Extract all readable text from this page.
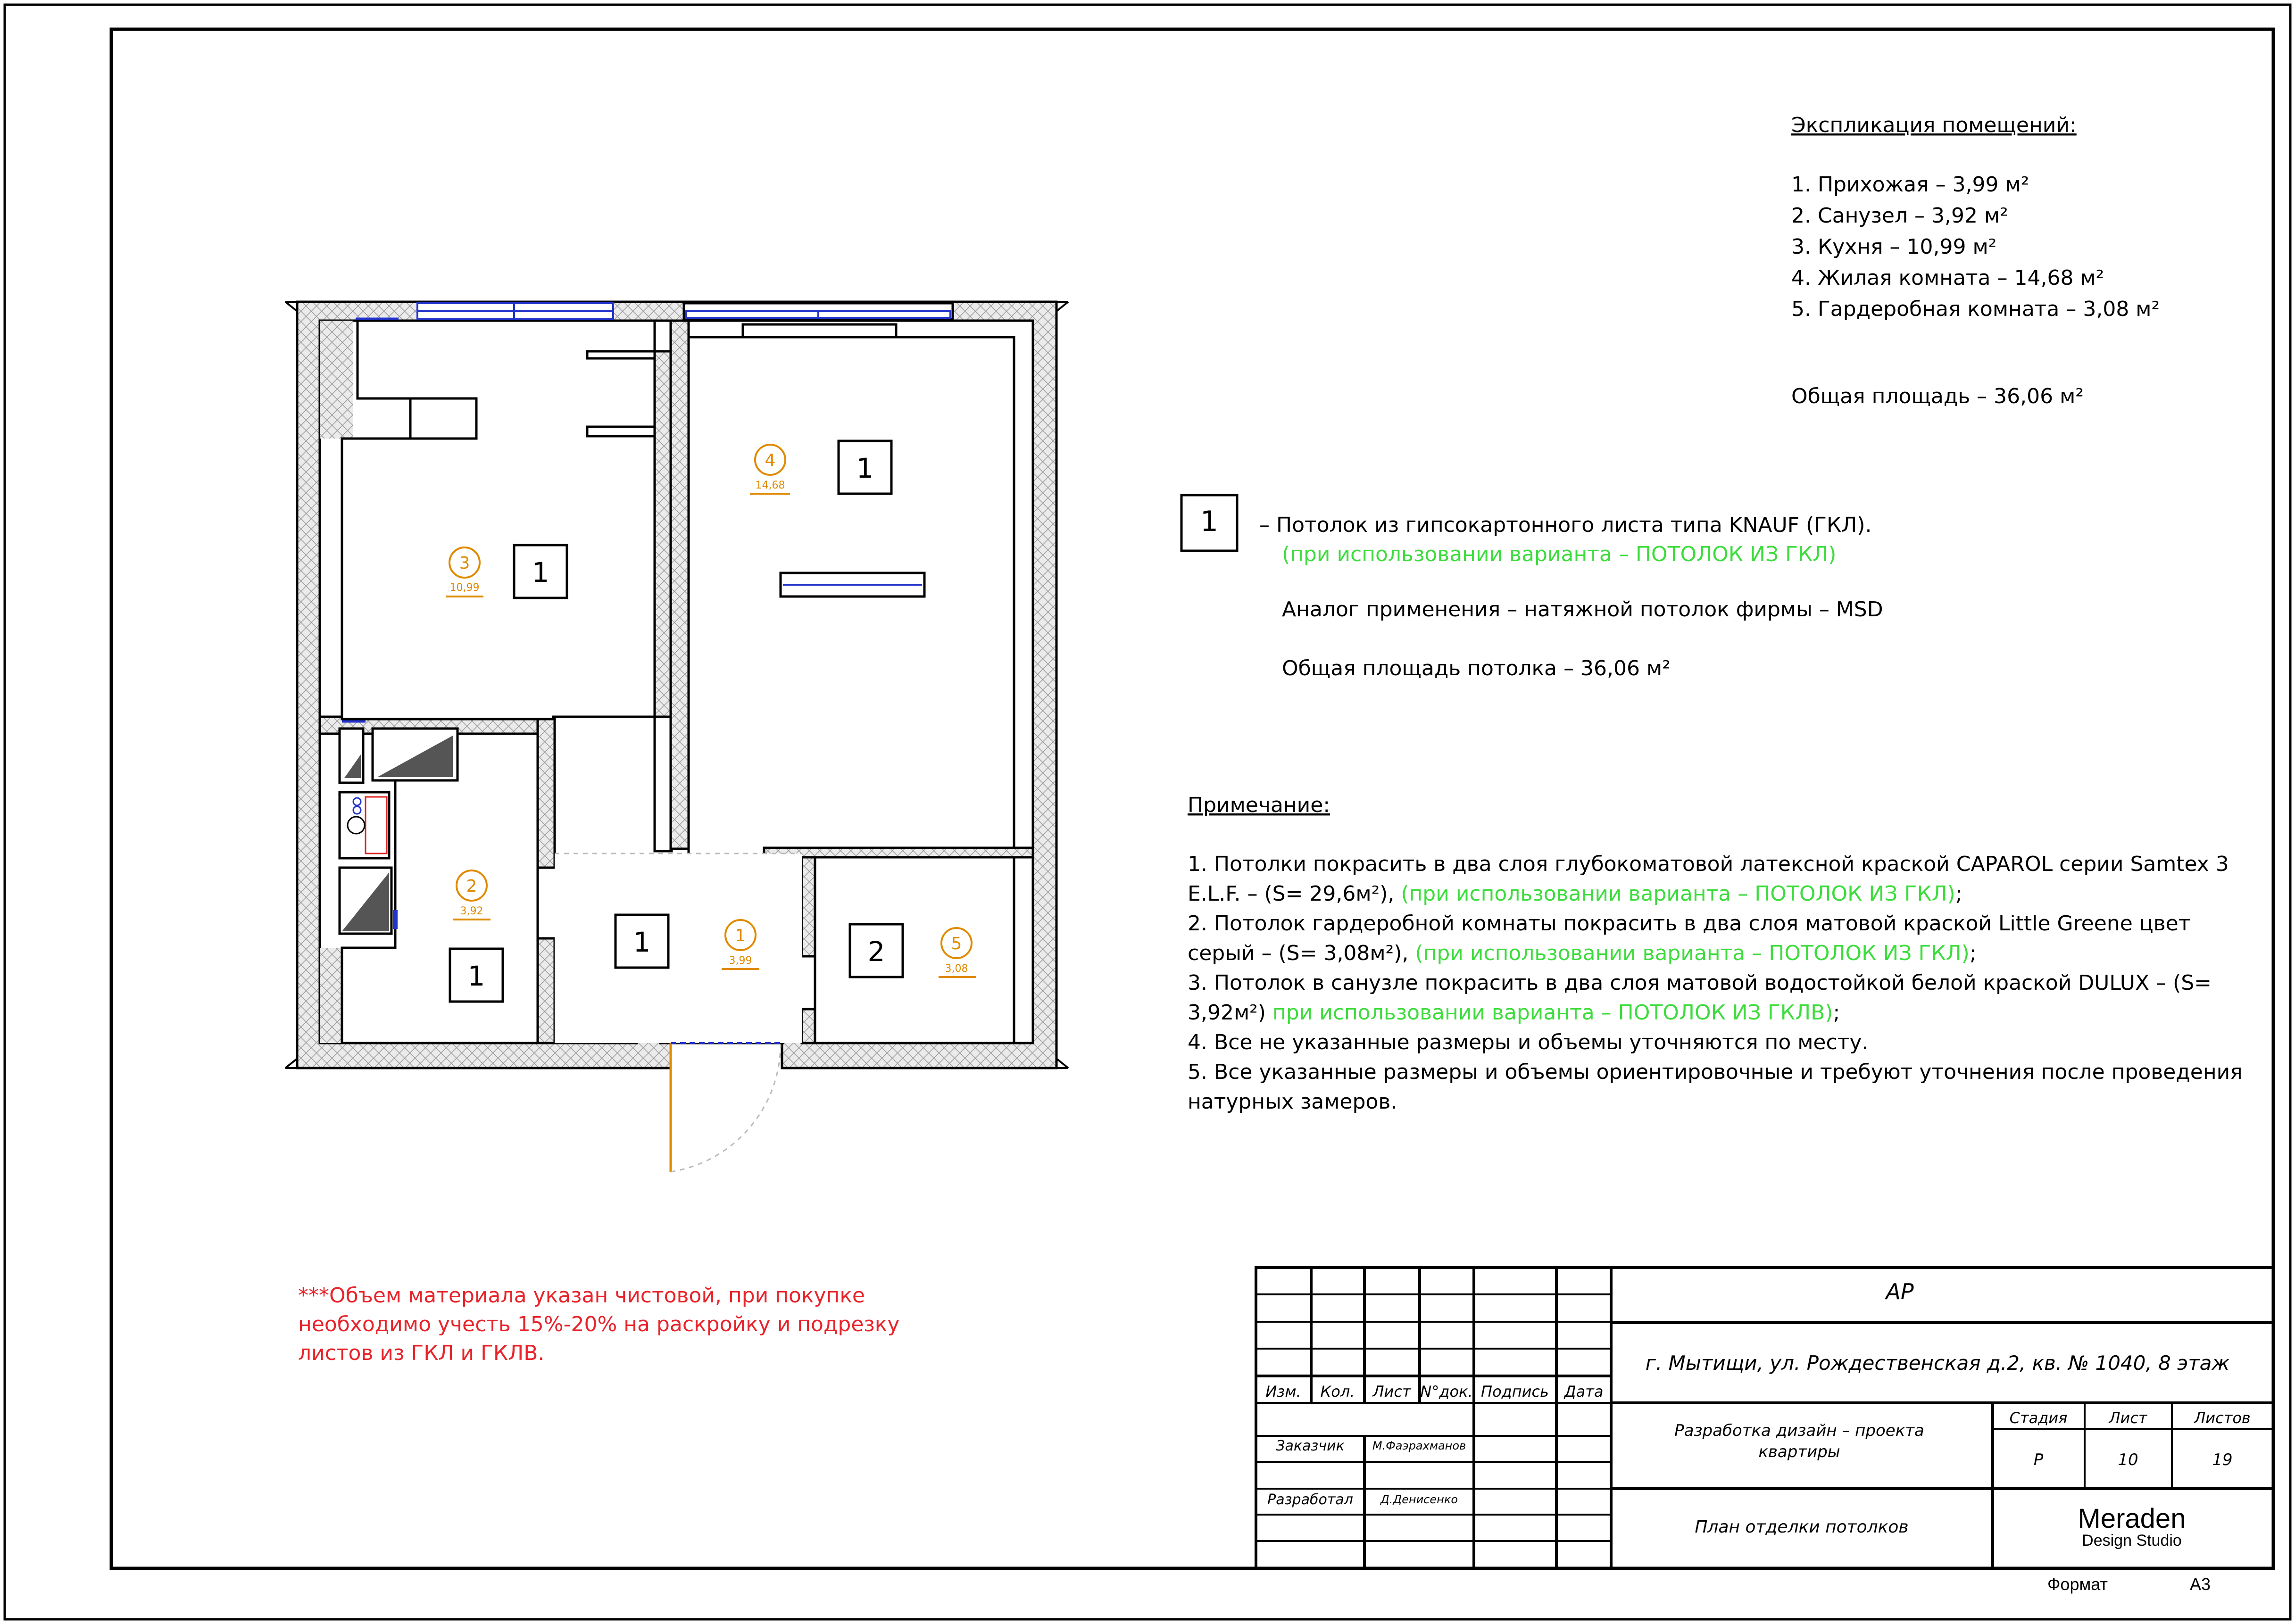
Экспликация помещений:
1. Прихожая – 3,99 м²
2. Санузел – 3,92 м²
3. Кухня – 10,99 м²
4. Жилая комната – 14,68 м²
5. Гардеробная комната – 3,08 м²
Общая площадь – 36,06 м²
1 – Потолок из гипсокартонного листа типа KNAUF (ГКЛ).
(при использовании варианта – ПОТОЛОК ИЗ ГКЛ)
Аналог применения – натяжной потолок фирмы – MSD
Общая площадь потолка – 36,06 м²
Примечание:
1. Потолки покрасить в два слоя глубокоматовой латексной краской CAPAROL серии Samtex 3
E.L.F. – (S= 29,6м²), (при использовании варианта – ПОТОЛОК ИЗ ГКЛ);
2. Потолок гардеробной комнаты покрасить в два слоя матовой краской Little Greene цвет
серый – (S= 3,08м²), (при использовании варианта – ПОТОЛОК ИЗ ГКЛ);
3. Потолок в санузле покрасить в два слоя матовой водостойкой белой краской DULUX – (S=
3,92м²) при использовании варианта – ПОТОЛОК ИЗ ГКЛВ);
4. Все не указанные размеры и объемы уточняются по месту.
5. Все указанные размеры и объемы ориентировочные и требуют уточнения после проведения
натурных замеров.
***Объем материала указан чистовой, при покупке
необходимо учесть 15%-20% на раскройку и подрезку
листов из ГКЛ и ГКЛВ.
1
1
1
1	2
3
10,99
4
14,68
2
3,92
1
3,99
5
3,08
АР
г. Мытищи, ул. Рождественская д.2, кв. № 1040, 8 этаж
Изм. Кол. Лист N°док. Подпись Дата
Заказчик М.Фаэрахманов
Разработал Д.Денисенко
Разработка дизайн – проекта
квартиры
Стадия	Лист	Листов
Р	10	19
План отделки потолков	Meraden
Design Studio
Формат	А3
